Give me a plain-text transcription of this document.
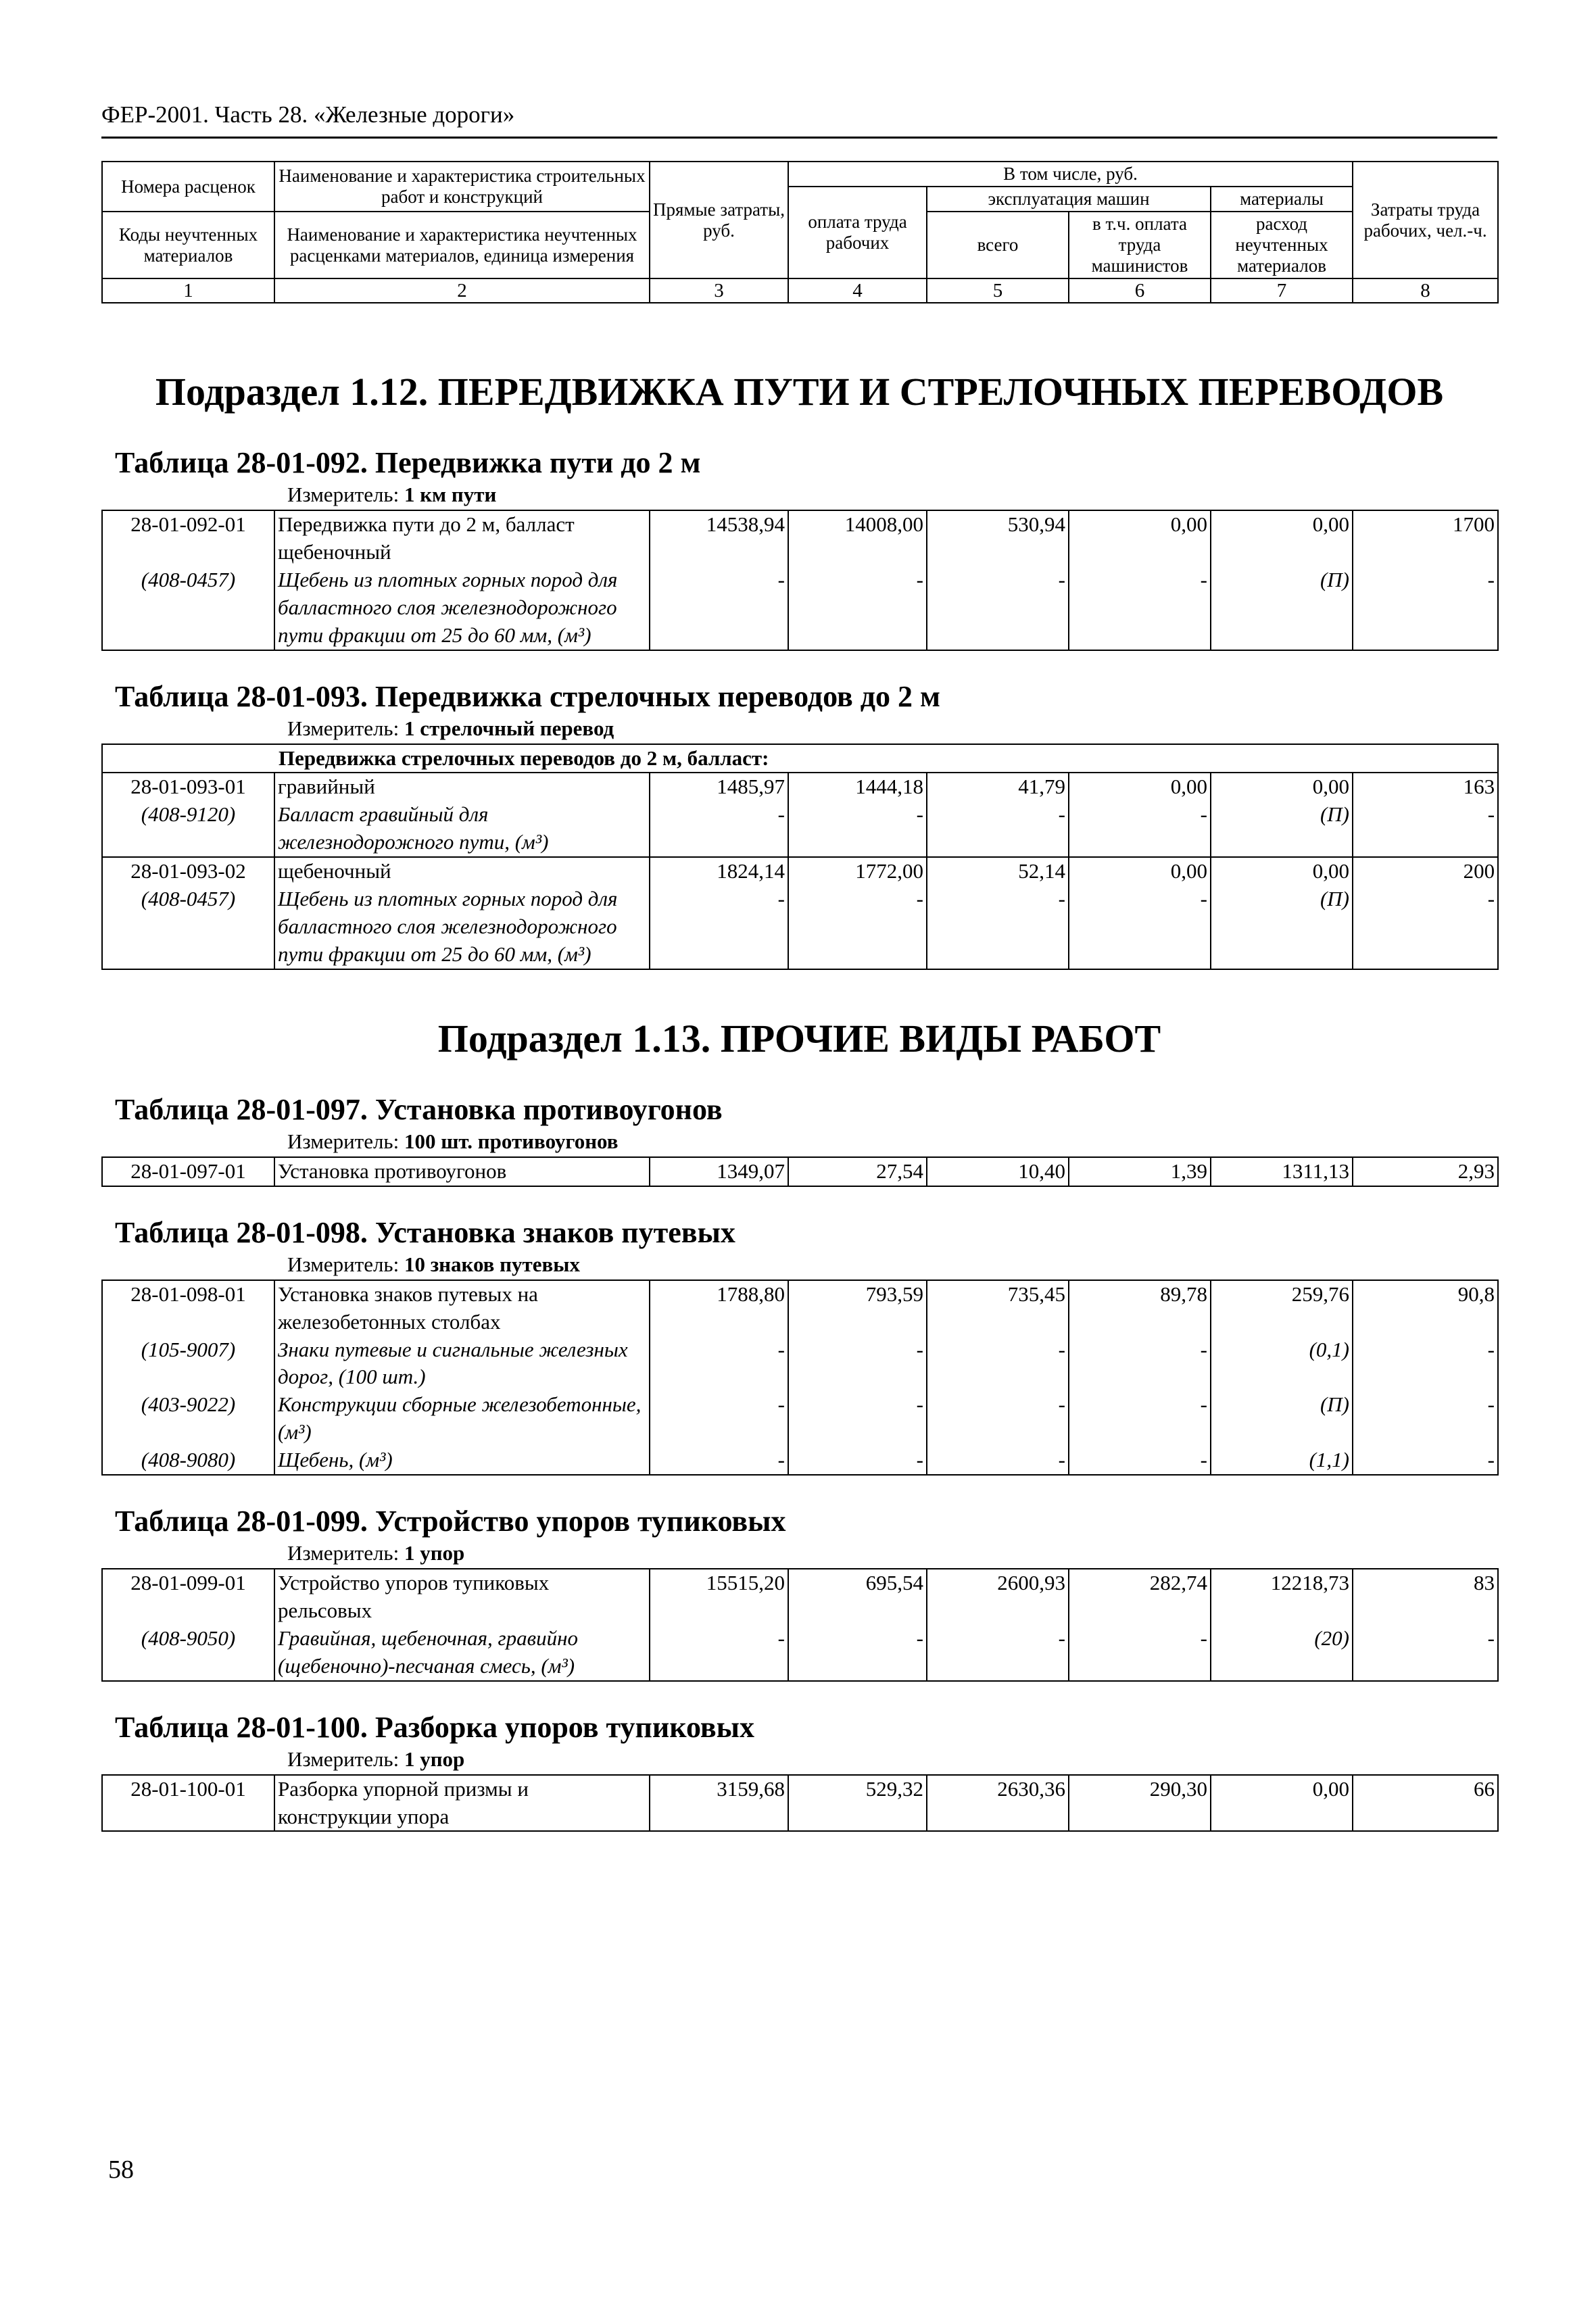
ФЕР-2001. Часть 28. «Железные дороги»
Номера расценок	Наименование и характеристика строительных работ и конструкций	Прямые затраты, руб.	В том числе, руб.				Затраты труда рабочих, чел.-ч.
			оплата труда рабочих	эксплуатация машин		материалы	
Коды неучтенных материалов	Наименование и характеристика неучтенных расценками материалов, единица измерения			всего	в т.ч. оплата труда машинистов	расход неучтенных материалов	

1	2	3	4	5	6	7	8
Подраздел 1.12. ПЕРЕДВИЖКА ПУТИ И СТРЕЛОЧНЫХ ПЕРЕВОДОВ
Таблица 28-01-092. Передвижка пути до 2 м
Измеритель: 1 км пути
28-01-092-01	Передвижка пути до 2 м, балласт щебеночный	14538,94	14008,00	530,94	0,00	0,00	1700
(408-0457)	Щебень из плотных горных пород для балластного слоя железнодорожного пути фракции от 25 до 60 мм, (м³)	-	-	-	-	(П)	-
Таблица 28-01-093. Передвижка стрелочных переводов до 2 м
Измеритель: 1 стрелочный перевод
Передвижка стрелочных переводов до 2 м, балласт:							
28-01-093-01	гравийный	1485,97	1444,18	41,79	0,00	0,00	163
(408-9120)	Балласт гравийный для железнодорожного пути, (м³)	-	-	-	-	(П)	-
28-01-093-02	щебеночный	1824,14	1772,00	52,14	0,00	0,00	200
(408-0457)	Щебень из плотных горных пород для балластного слоя железнодорожного пути фракции от 25 до 60 мм, (м³)	-	-	-	-	(П)	-
Подраздел 1.13. ПРОЧИЕ ВИДЫ РАБОТ
Таблица 28-01-097. Установка противоугонов
Измеритель: 100 шт. противоугонов
28-01-097-01	Установка противоугонов	1349,07	27,54	10,40	1,39	1311,13	2,93
Таблица 28-01-098. Установка знаков путевых
Измеритель: 10 знаков путевых
28-01-098-01	Установка знаков путевых на железобетонных столбах	1788,80	793,59	735,45	89,78	259,76	90,8
(105-9007)	Знаки путевые и сигнальные железных дорог, (100 шт.)	-	-	-	-	(0,1)	-
(403-9022)	Конструкции сборные железобетонные, (м³)	-	-	-	-	(П)	-
(408-9080)	Щебень, (м³)	-	-	-	-	(1,1)	-
Таблица 28-01-099. Устройство упоров тупиковых
Измеритель: 1 упор
28-01-099-01	Устройство упоров тупиковых рельсовых	15515,20	695,54	2600,93	282,74	12218,73	83
(408-9050)	Гравийная, щебеночная, гравийно (щебеночно)-песчаная смесь, (м³)	-	-	-	-	(20)	-
Таблица 28-01-100. Разборка упоров тупиковых
Измеритель: 1 упор
28-01-100-01	Разборка упорной призмы и конструкции упора	3159,68	529,32	2630,36	290,30	0,00	66
58
